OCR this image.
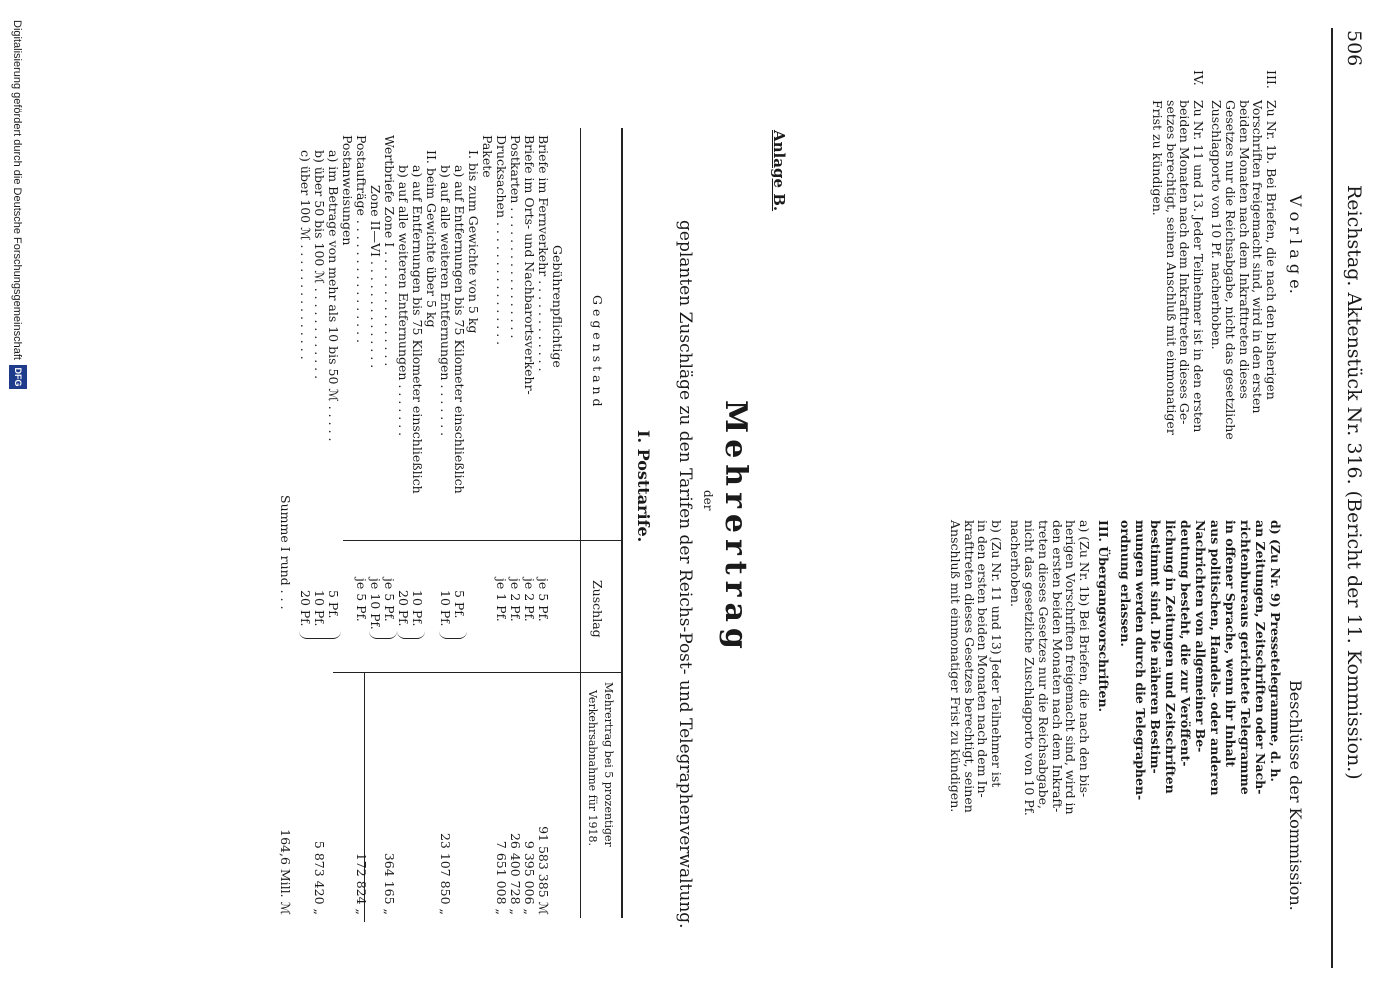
506
Reichstag. Aktenstück Nr. 316. (Bericht der 11. Kommission.)
V o r l a g e.
Beschlüsse der Kommission.
III.

Zu Nr. 1b. Bei Briefen, die nach den bisherigen

Vorschriften freigemacht sind, wird in den ersten

beiden Monaten nach dem Inkrafttreten dieses

Gesetzes nur die Reichsabgabe, nicht das gesetzliche

Zuschlagporto von 10 Pf. nacherhoben.

IV.

Zu Nr. 11 und 13. Jeder Teilnehmer ist in den ersten

beiden Monaten nach dem Inkrafttreten dieses Ge-

setzes berechtigt, seinen Anschluß mit einmonatiger

Frist zu kündigen.

d) (Zu Nr. 9) Pressetelegramme, d. h.

an Zeitungen, Zeitschriften oder Nach-

richtenbureaus gerichtete Telegramme

in offener Sprache, wenn ihr Inhalt

aus politischen, Handels- oder anderen

Nachrichten von allgemeiner Be-

deutung besteht, die zur Veröffent-

lichung in Zeitungen und Zeitschriften

bestimmt sind. Die näheren Bestim-

mungen werden durch die Telegraphen-

ordnung erlassen.

III. Übergangsvorschriften.

a) (Zu Nr. 1b) Bei Briefen, die nach den bis-

herigen Vorschriften freigemacht sind, wird in

den ersten beiden Monaten nach dem Inkraft-

treten dieses Gesetzes nur die Reichsabgabe,

nicht das gesetzliche Zuschlagporto von 10 Pf.

nacherhoben.

b) (Zu Nr. 11 und 13) Jeder Teilnehmer ist

in den ersten beiden Monaten nach dem In-

krafttreten dieses Gesetzes berechtigt, seinen

Anschluß mit einmonatiger Frist zu kündigen.

Anlage B.
Mehrertrag
der
geplanten Zuschläge zu den Tarifen der Reichs-Post- und Telegraphenverwaltung.
I. Posttarife.
G e g e n s t a n d
Zuschlag
Mehrertrag bei 5 prozentiger
Verkehrsabnahme für 1918.
Gebührenpflichtige
Briefe im Fernverkehr . . . . . . . . . . . .
je 5 Pf.
91 583 385 ℳ
Briefe im Orts- und Nachbarortsverkehr-
je 2 Pf.
9 395 006 „
Postkarten . . . . . . . . . . . . . . . . .
je 2 Pf.
26 400 728 „
Drucksachen . . . . . . . . . . . . . . . .
je 1 Pf.
7 651 008 „
Pakete
I. bis zum Gewichte von 5 kg
a) auf Entfernungen bis 75 Kilometer einschließlich
5 Pf.
b) auf alle weiteren Entfernungen . . . . . . .
10 Pf.
23 107 850 „
II. beim Gewichte über 5 kg
a) auf Entfernungen bis 75 Kilometer einschließlich
10 Pf.
b) auf alle weiteren Entfernungen . . . . . . .
20 Pf.
Wertbriefe Zone I . . . . . . . . . . . . . . .
je 5 Pf.
364 165 „
Zone II—VI . . . . . . . . . . . . . .
je 10 Pf.
Postaufträge . . . . . . . . . . . . . . . .
je 5 Pf.
172 824 „
Postanweisungen
a) im Betrage von mehr als 10 bis 50 ℳ . . . . .
5 Pf.
b) über 50 bis 100 ℳ . . . . . . . . . . . .
10 Pf.
5 873 420 „
c) über 100 ℳ . . . . . . . . . . . . . . .
20 Pf.
Summe I rund . . .
164,6 Mill. ℳ
Digitalisierung gefördert durch die Deutsche Forschungsgemeinschaft
DFG
